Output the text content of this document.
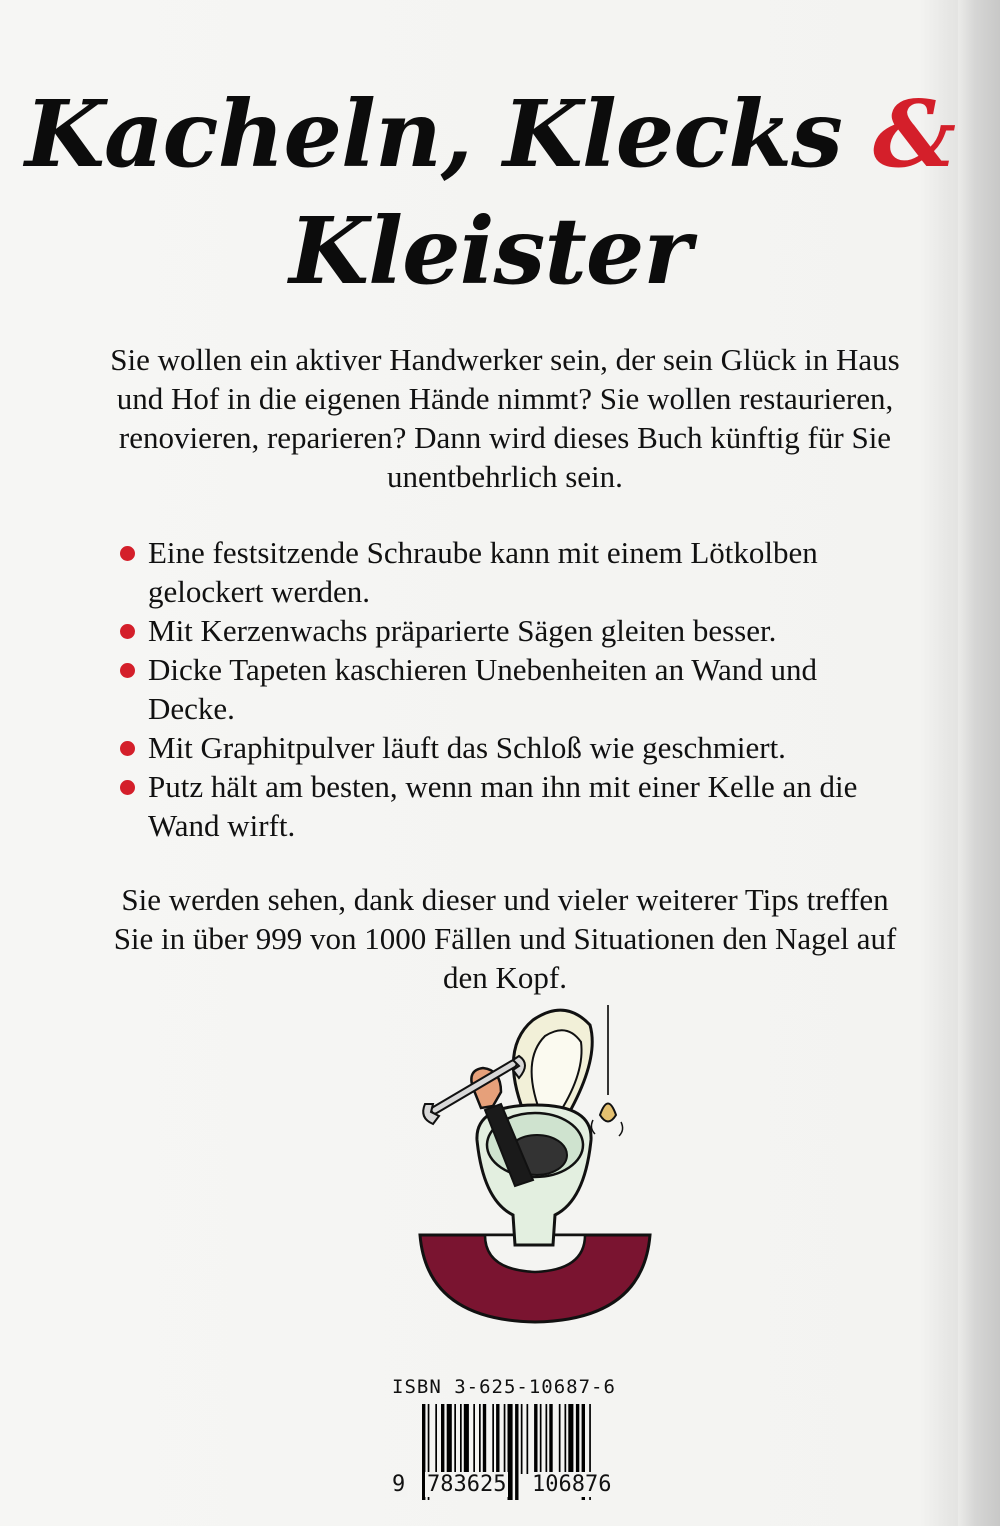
Kacheln, Klecks &
Kleister
Sie wollen ein aktiver Handwerker sein, der sein Glück in Haus und Hof in die eigenen Hände nimmt? Sie wollen restaurieren, renovieren, reparieren? Dann wird dieses Buch künftig für Sie unentbehrlich sein.
Eine festsitzende Schraube kann mit einem Lötkolben gelockert werden.
Mit Kerzenwachs präparierte Sägen gleiten besser.
Dicke Tapeten kaschieren Unebenheiten an Wand und Decke.
Mit Graphitpulver läuft das Schloß wie geschmiert.
Putz hält am besten, wenn man ihn mit einer Kelle an die Wand wirft.
Sie werden sehen, dank dieser und vieler weiterer Tips treffen Sie in über 999 von 1000 Fällen und Situationen den Nagel auf den Kopf.
ISBN 3-625-10687-6
9 783625 106876
